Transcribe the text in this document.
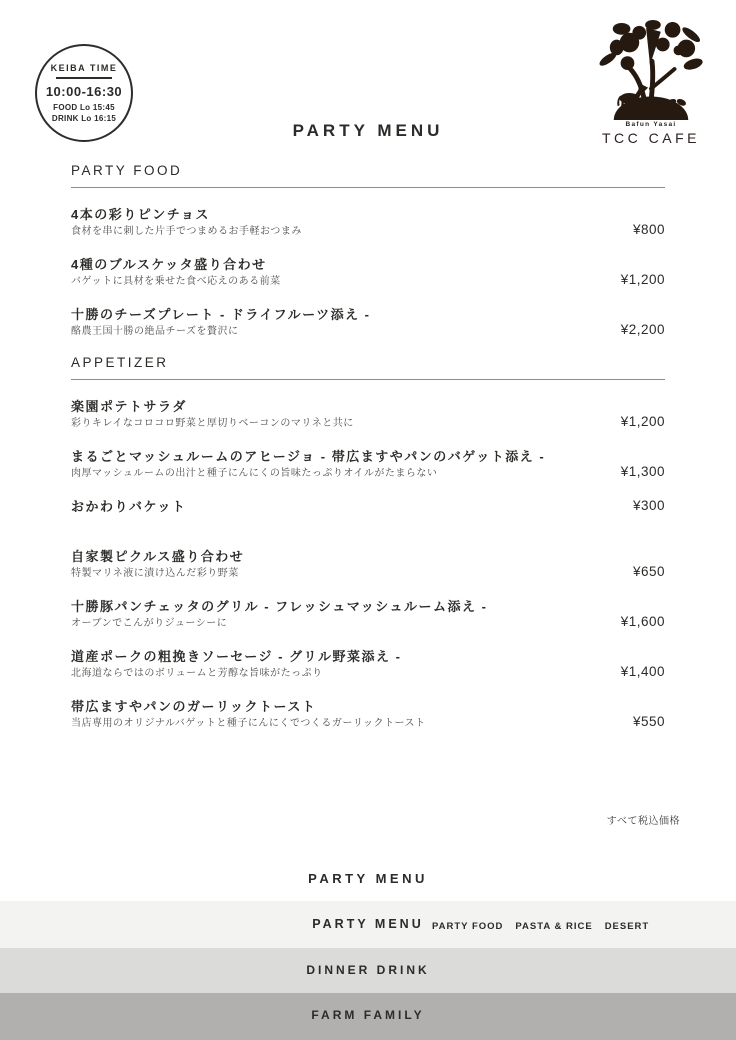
KEIBA TIME
10:00-16:30
FOOD Lo 15:45
DRINK Lo 16:15
PARTY MENU	Bafun Yasai
TCC CAFE
PARTY FOOD
4本の彩りピンチョス
食材を串に刺した片手でつまめるお手軽おつまみ	¥800
4種のブルスケッタ盛り合わせ
バゲットに具材を乗せた食べ応えのある前菜	¥1,200
十勝のチーズプレート - ドライフルーツ添え -
酪農王国十勝の絶品チーズを贅沢に	¥2,200
APPETIZER
楽園ポテトサラダ
彩りキレイなコロコロ野菜と厚切りベーコンのマリネと共に	¥1,200
まるごとマッシュルームのアヒージョ - 帯広ますやパンのバゲット添え -
肉厚マッシュルームの出汁と種子にんにくの旨味たっぷりオイルがたまらない	¥1,300
おかわりバケット	¥300
自家製ピクルス盛り合わせ
特製マリネ液に漬け込んだ彩り野菜	¥650
十勝豚パンチェッタのグリル - フレッシュマッシュルーム添え -
オーブンでこんがりジューシーに	¥1,600
道産ポークの粗挽きソーセージ - グリル野菜添え -
北海道ならではのボリュームと芳醇な旨味がたっぷり	¥1,400
帯広ますやパンのガーリックトースト
当店専用のオリジナルバゲットと種子にんにくでつくるガーリックトースト	¥550
すべて税込価格
PARTY MENU
PARTY MENU PARTY FOOD PASTA & RICE DESERT
DINNER DRINK
FARM FAMILY
